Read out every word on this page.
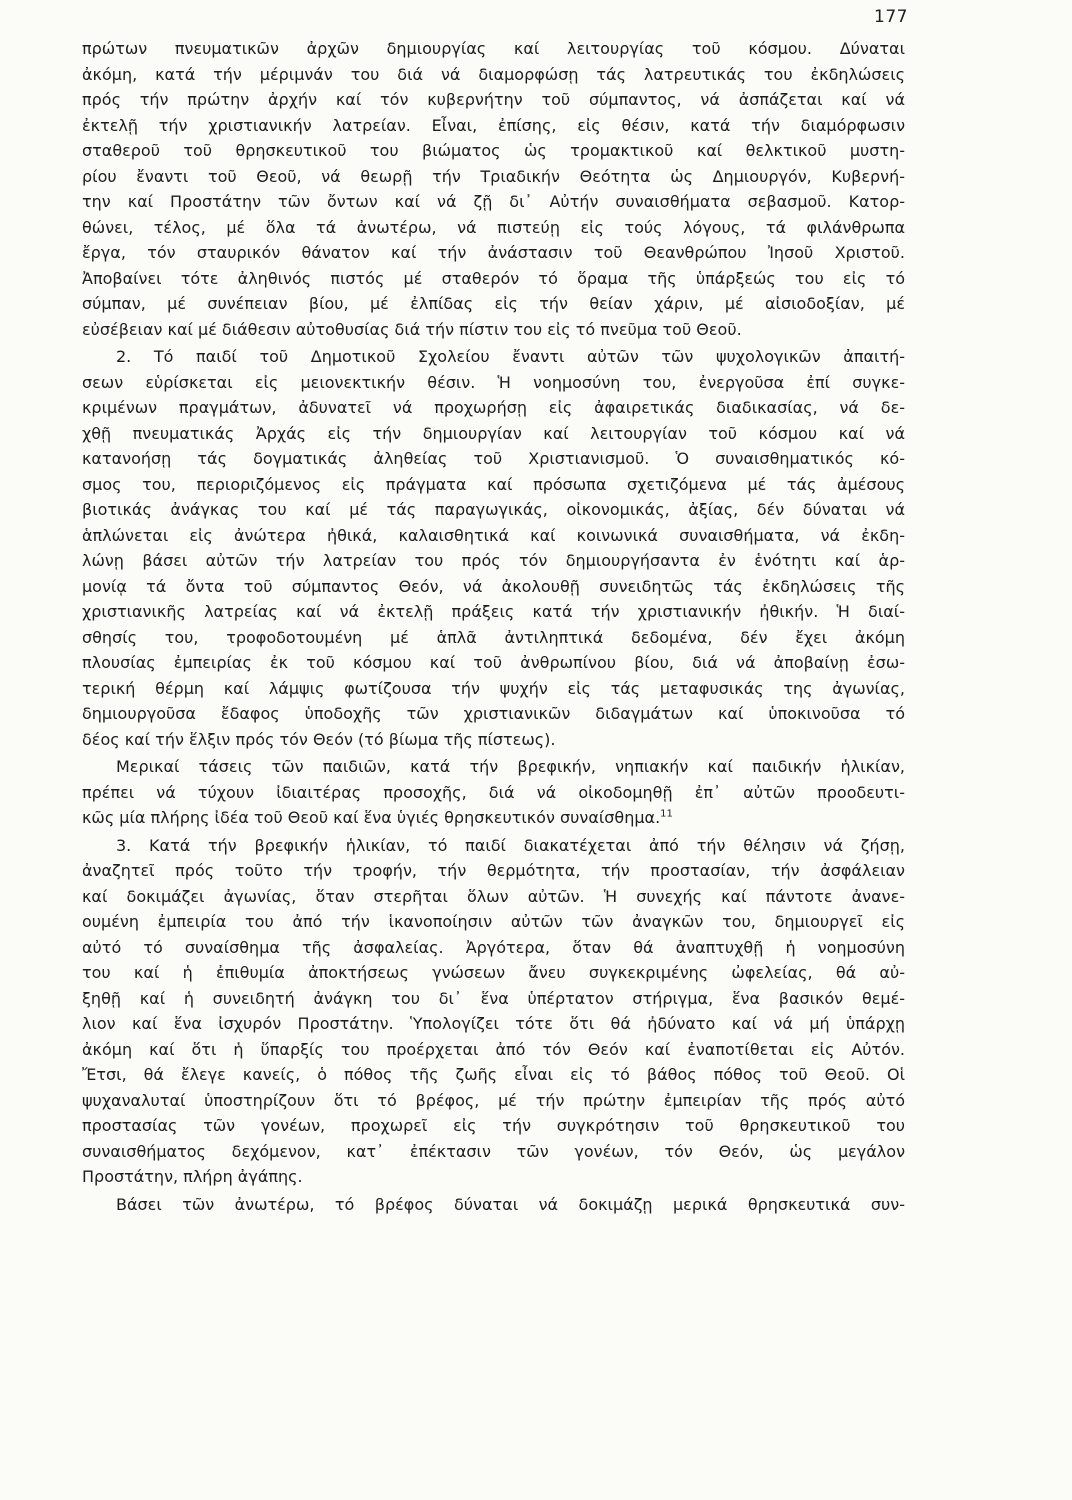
177

πρώτων πνευματικῶν ἀρχῶν δημιουργίας καί λειτουργίας τοῦ κόσμου. Δύναται
ἀκόμη, κατά τήν μέριμνάν του διά νά διαμορφώσῃ τάς λατρευτικάς του ἐκδηλώσεις
πρός τήν πρώτην ἀρχήν καί τόν κυβερνήτην τοῦ σύμπαντος, νά ἀσπάζεται καί νά
ἐκτελῇ τήν χριστιανικήν λατρείαν. Εἶναι, ἐπίσης, εἰς θέσιν, κατά τήν διαμόρφωσιν
σταθεροῦ τοῦ θρησκευτικοῦ του βιώματος ὡς τρομακτικοῦ καί θελκτικοῦ μυστη-
ρίου ἔναντι τοῦ Θεοῦ, νά θεωρῇ τήν Τριαδικήν Θεότητα ὡς Δημιουργόν, Κυβερνή-
την καί Προστάτην τῶν ὄντων καί νά ζῇ δι᾿ Αὐτήν συναισθήματα σεβασμοῦ. Κατορ-
θώνει, τέλος, μέ ὅλα τά ἀνωτέρω, νά πιστεύῃ εἰς τούς λόγους, τά φιλάνθρωπα
ἔργα, τόν σταυρικόν θάνατον καί τήν ἀνάστασιν τοῦ Θεανθρώπου Ἰησοῦ Χριστοῦ.
Ἀποβαίνει τότε ἀληθινός πιστός μέ σταθερόν τό ὅραμα τῆς ὑπάρξεώς του εἰς τό
σύμπαν, μέ συνέπειαν βίου, μέ ἐλπίδας εἰς τήν θείαν χάριν, μέ αἰσιοδοξίαν, μέ
εὐσέβειαν καί μέ διάθεσιν αὐτοθυσίας διά τήν πίστιν του εἰς τό πνεῦμα τοῦ Θεοῦ.

2. Τό παιδί τοῦ Δημοτικοῦ Σχολείου ἔναντι αὐτῶν τῶν ψυχολογικῶν ἀπαιτή-
σεων εὑρίσκεται εἰς μειονεκτικήν θέσιν. Ἡ νοημοσύνη του, ἐνεργοῦσα ἐπί συγκε-
κριμένων πραγμάτων, ἀδυνατεῖ νά προχωρήσῃ εἰς ἀφαιρετικάς διαδικασίας, νά δε-
χθῇ πνευματικάς Ἀρχάς εἰς τήν δημιουργίαν καί λειτουργίαν τοῦ κόσμου καί νά
κατανοήσῃ τάς δογματικάς ἀληθείας τοῦ Χριστιανισμοῦ. Ὁ συναισθηματικός κό-
σμος του, περιοριζόμενος εἰς πράγματα καί πρόσωπα σχετιζόμενα μέ τάς ἀμέσους
βιοτικάς ἀνάγκας του καί μέ τάς παραγωγικάς, οἰκονομικάς, ἀξίας, δέν δύναται νά
ἁπλώνεται εἰς ἀνώτερα ἠθικά, καλαισθητικά καί κοινωνικά συναισθήματα, νά ἐκδη-
λώνῃ βάσει αὐτῶν τήν λατρείαν του πρός τόν δημιουργήσαντα ἐν ἑνότητι καί ἁρ-
μονίᾳ τά ὄντα τοῦ σύμπαντος Θεόν, νά ἀκολουθῇ συνειδητῶς τάς ἐκδηλώσεις τῆς
χριστιανικῆς λατρείας καί νά ἐκτελῇ πράξεις κατά τήν χριστιανικήν ἠθικήν. Ἡ διαί-
σθησίς του, τροφοδοτουμένη μέ ἁπλᾶ ἀντιληπτικά δεδομένα, δέν ἔχει ἀκόμη
πλουσίας ἐμπειρίας ἐκ τοῦ κόσμου καί τοῦ ἀνθρωπίνου βίου, διά νά ἀποβαίνῃ ἐσω-
τερική θέρμη καί λάμψις φωτίζουσα τήν ψυχήν εἰς τάς μεταφυσικάς της ἀγωνίας,
δημιουργοῦσα ἔδαφος ὑποδοχῆς τῶν χριστιανικῶν διδαγμάτων καί ὑποκινοῦσα τό
δέος καί τήν ἕλξιν πρός τόν Θεόν (τό βίωμα τῆς πίστεως).

Μερικαί τάσεις τῶν παιδιῶν, κατά τήν βρεφικήν, νηπιακήν καί παιδικήν ἡλικίαν,
πρέπει νά τύχουν ἰδιαιτέρας προσοχῆς, διά νά οἰκοδομηθῇ ἐπ᾿ αὐτῶν προοδευτι-
κῶς μία πλήρης ἰδέα τοῦ Θεοῦ καί ἕνα ὑγιές θρησκευτικόν συναίσθημα.$^{11}$

3. Κατά τήν βρεφικήν ἡλικίαν, τό παιδί διακατέχεται ἀπό τήν θέλησιν νά ζήσῃ,
ἀναζητεῖ πρός τοῦτο τήν τροφήν, τήν θερμότητα, τήν προστασίαν, τήν ἀσφάλειαν
καί δοκιμάζει ἀγωνίας, ὅταν στερῆται ὅλων αὐτῶν. Ἡ συνεχής καί πάντοτε ἀνανε-
ουμένη ἐμπειρία του ἀπό τήν ἱκανοποίησιν αὐτῶν τῶν ἀναγκῶν του, δημιουργεῖ εἰς
αὐτό τό συναίσθημα τῆς ἀσφαλείας. Ἀργότερα, ὅταν θά ἀναπτυχθῇ ἡ νοημοσύνη
του καί ἡ ἐπιθυμία ἀποκτήσεως γνώσεων ἄνευ συγκεκριμένης ὠφελείας, θά αὐ-
ξηθῇ καί ἡ συνειδητή ἀνάγκη του δι᾿ ἕνα ὑπέρτατον στήριγμα, ἕνα βασικόν θεμέ-
λιον καί ἕνα ἰσχυρόν Προστάτην. Ὑπολογίζει τότε ὅτι θά ἠδύνατο καί νά μή ὑπάρχῃ
ἀκόμη καί ὅτι ἡ ὕπαρξίς του προέρχεται ἀπό τόν Θεόν καί ἐναποτίθεται εἰς Αὐτόν.
Ἔτσι, θά ἔλεγε κανείς, ὁ πόθος τῆς ζωῆς εἶναι εἰς τό βάθος πόθος τοῦ Θεοῦ. Οἱ
ψυχαναλυταί ὑποστηρίζουν ὅτι τό βρέφος, μέ τήν πρώτην ἐμπειρίαν τῆς πρός αὐτό
προστασίας τῶν γονέων, προχωρεῖ εἰς τήν συγκρότησιν τοῦ θρησκευτικοῦ του
συναισθήματος δεχόμενον, κατ᾿ ἐπέκτασιν τῶν γονέων, τόν Θεόν, ὡς μεγάλον
Προστάτην, πλήρη ἀγάπης.

Βάσει τῶν ἀνωτέρω, τό βρέφος δύναται νά δοκιμάζῃ μερικά θρησκευτικά συν-
